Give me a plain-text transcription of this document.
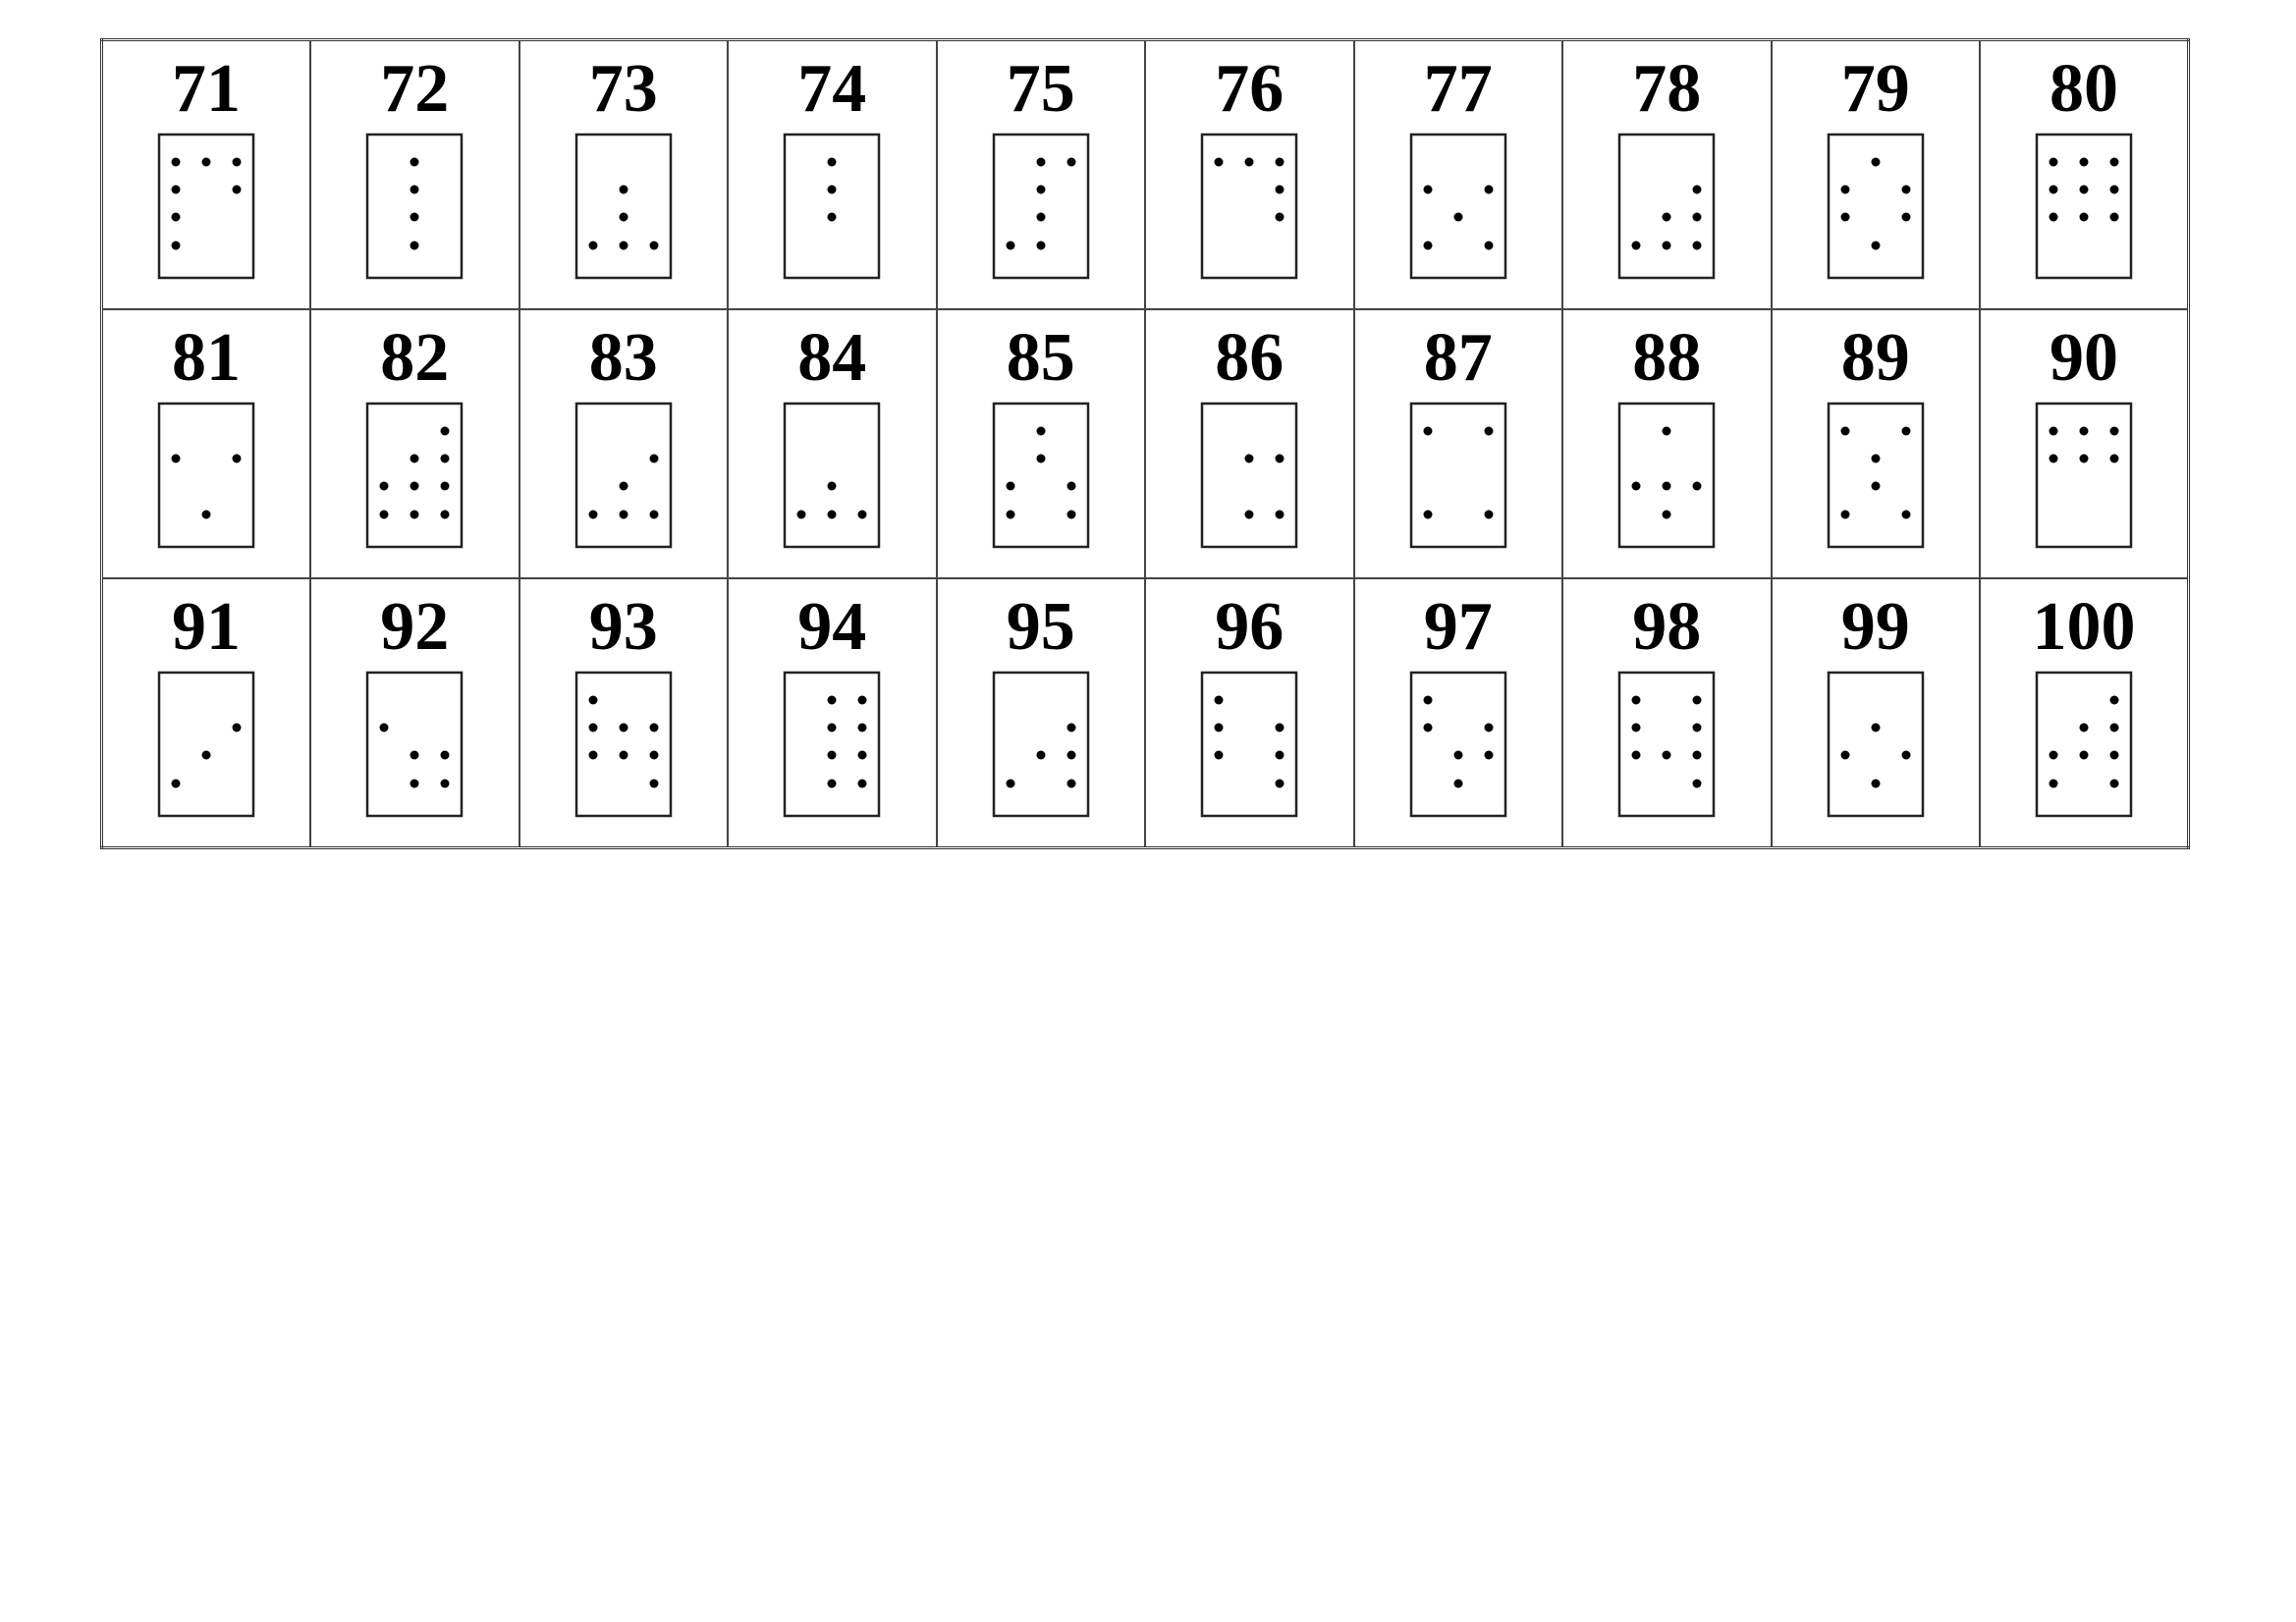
71	72	73	74	75	76	77	78	79	80

81	82	83	84	85	86	87	88	89	90

91	92	93	94	95	96	97	98	99	100
